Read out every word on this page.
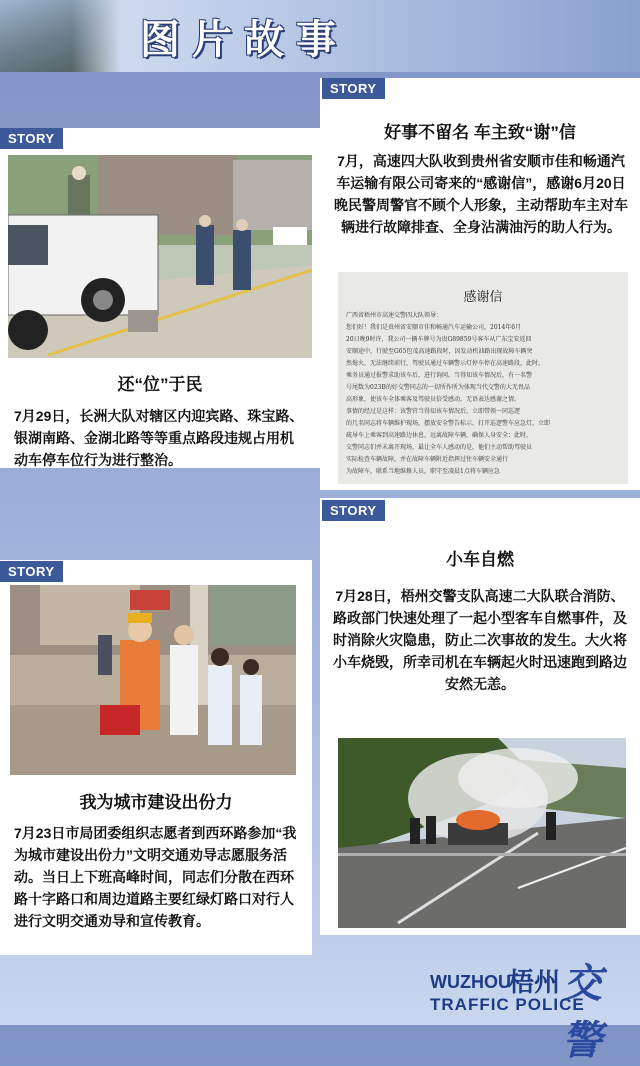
图片故事
STORY
还“位”于民
7月29日，长洲大队对辖区内迎宾路、珠宝路、银湖南路、金湖北路等等重点路段违规占用机动车停车位行为进行整治。
STORY
好事不留名 车主致“谢”信
7月，高速四大队收到贵州省安顺市佳和畅通汽车运输有限公司寄来的“感谢信”，感谢6月20日晚民警周警官不顾个人形象，主动帮助车主对车辆进行故障排查、全身沾满油污的助人行为。
感谢信
广西省梧州市高速交警四大队领导：
您们好！我们是贵州省安顺市佳和畅通汽车运输公司，2014年6月
20日晚9时许，我公司一辆车牌号为贵G89859号客车从广东宝安返回
安顺途中，行驶至G65包茂高速路段时，因发动机油路出现故障车辆突
然熄火，无法继续前行，驾驶员通过车辆警示灯停车停在高速路段，此时，
乘务员通过报警求助该车后，进行询问，当得知该车情况后，有一名警
号尾数为023B的好交警同志的一切所作所为体现当代交警的大无畏品
高形象，使该车全体乘客及驾驶员倍受感动，无语表达感谢之情。
事情的经过是这样：该警官当得知该车情况后，立即带领一同巡逻
的几名同志将车辆维护现场，摆放安全警告标示，打开巡逻警车应急灯，立即
疏导车上乘客到高速路边休息，远离故障车辆，确保人身安全；此时，
交警同志们并未离开现场，最让全车人感动的是，他们主动帮助驾驶员
实际检查车辆故障，并在故障车辆附近指挥过往车辆安全通行
为故障车，联系当地维修人员，职守至凌晨1点将车辆应急
STORY
我为城市建设出份力
7月23日市局团委组织志愿者到西环路参加“我为城市建设出份力”文明交通劝导志愿服务活动。当日上下班高峰时间，同志们分散在西环路十字路口和周边道路主要红绿灯路口对行人进行文明交通劝导和宣传教育。
STORY
小车自燃
7月28日，梧州交警支队高速二大队联合消防、路政部门快速处理了一起小型客车自燃事件，及时消除火灾隐患，防止二次事故的发生。大火将小车烧毁，所幸司机在车辆起火时迅速跑到路边安然无恙。
WUZHOU
梧州 交警
TRAFFIC POLICE
